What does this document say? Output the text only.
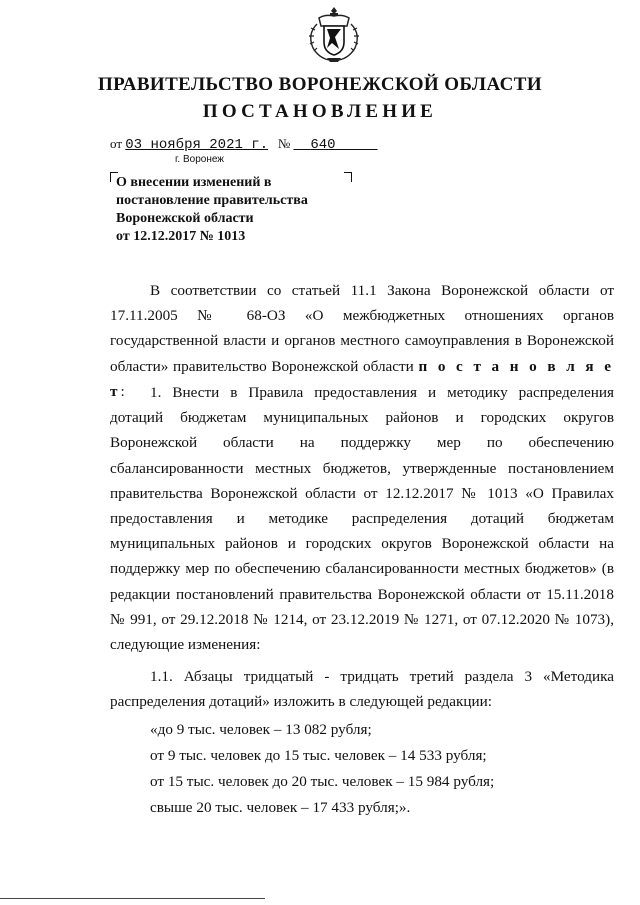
ПРАВИТЕЛЬСТВО ВОРОНЕЖСКОЙ ОБЛАСТИ
ПОСТАНОВЛЕНИЕ
от 03 ноября 2021 г. № 640
г. Воронеж
О внесении изменений в
постановление правительства
Воронежской области
от 12.12.2017 № 1013
В соответствии со статьей 11.1 Закона Воронежской области от 17.11.2005 № 68-ОЗ «О межбюджетных отношениях органов государственной власти и органов местного самоуправления в Воронежской области» правительство Воронежской области п о с т а н о в л я е т:	1. Внести в Правила предоставления и методику распределения дотаций бюджетам муниципальных районов и городских округов Воронежской области на поддержку мер по обеспечению сбалансированности местных бюджетов, утвержденные постановлением правительства Воронежской области от 12.12.2017 № 1013 «О Правилах предоставления и методике распределения дотаций бюджетам муниципальных районов и городских округов Воронежской области на поддержку мер по обеспечению сбалансированности местных бюджетов» (в редакции постановлений правительства Воронежской области от 15.11.2018 № 991, от 29.12.2018 № 1214, от 23.12.2019 № 1271, от 07.12.2020 № 1073), следующие изменения:
1.1. Абзацы тридцатый - тридцать третий раздела 3 «Методика распределения дотаций» изложить в следующей редакции:
«до 9 тыс. человек – 13 082 рубля;
от 9 тыс. человек до 15 тыс. человек – 14 533 рубля;
от 15 тыс. человек до 20 тыс. человек – 15 984 рубля;
свыше 20 тыс. человек – 17 433 рубля;».
